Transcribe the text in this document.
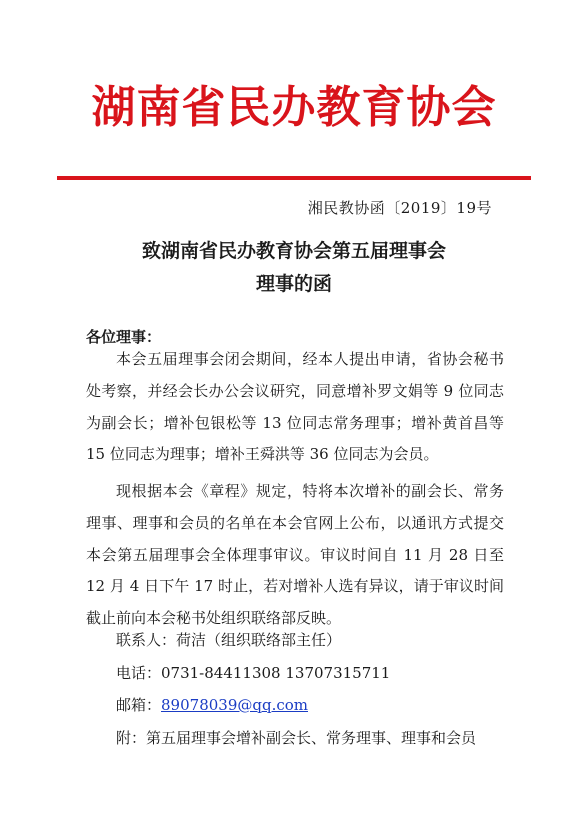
湖南省民办教育协会
湘民教协函〔2019〕19号
致湖南省民办教育协会第五届理事会
理事的函
各位理事：

本会五届理事会闭会期间，经本人提出申请，省协会秘书处考察，并经会长办公会议研究，同意增补罗文娟等 9 位同志为副会长；增补包银松等 13 位同志常务理事；增补黄首昌等 15 位同志为理事；增补王舜洪等 36 位同志为会员。

现根据本会《章程》规定，特将本次增补的副会长、常务理事、理事和会员的名单在本会官网上公布，以通讯方式提交本会第五届理事会全体理事审议。审议时间自 11 月 28 日至 12 月 4 日下午 17 时止，若对增补人选有异议，请于审议时间截止前向本会秘书处组织联络部反映。

联系人：荷洁（组织联络部主任）
电话：0731-84411308 13707315711
邮箱：89078039@qq.com
附：第五届理事会增补副会长、常务理事、理事和会员
